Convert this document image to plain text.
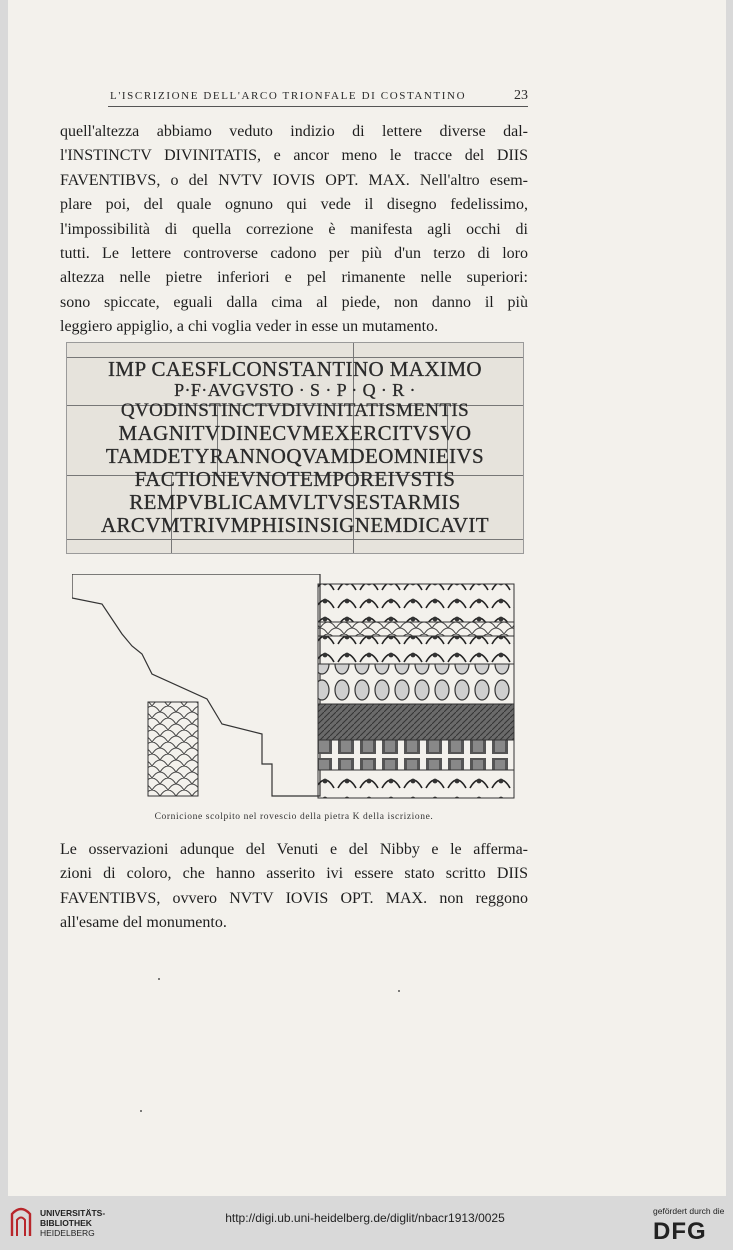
L'ISCRIZIONE DELL'ARCO TRIONFALE DI COSTANTINO	23

quell'altezza abbiamo veduto indizio di lettere diverse dal-
l'INSTINCTV DIVINITATIS, e ancor meno le tracce del DIIS
FAVENTIBVS, o del NVTV IOVIS OPT. MAX. Nell'altro esem-
plare poi, del quale ognuno qui vede il disegno fedelissimo,
l'impossibilità di quella correzione è manifesta agli occhi di
tutti. Le lettere controverse cadono per più d'un terzo di loro
altezza nelle pietre inferiori e pel rimanente nelle superiori:
sono spiccate, eguali dalla cima al piede, non danno il più
leggiero appiglio, a chi voglia veder in esse un mutamento.

IMP CAESFLCONSTANTINO MAXIMO
P·F·AVGVSTO · S · P · Q · R ·
QVODINSTINCTVDIVINITATISMENTIS
MAGNITVDINECVMEXERCITVSVO
TAMDETYRANNOQVAMDEOMNIEIVS
FACTIONEVNOTEMPOREIVSTIS
REMPVBLICAMVLTVSESTARMIS
ARCVMTRIVMPHISINSIGNEMDICAVIT
Cornicione scolpito nel rovescio della pietra K della iscrizione.

Le osservazioni adunque del Venuti e del Nibby e le afferma-
zioni di coloro, che hanno asserito ivi essere stato scritto DIIS
FAVENTIBVS, ovvero NVTV IOVIS OPT. MAX. non reggono
all'esame del monumento.

UNIVERSITÄTS-
BIBLIOTHEK
HEIDELBERG
http://digi.ub.uni-heidelberg.de/diglit/nbacr1913/0025	gefördert durch die
DFG
